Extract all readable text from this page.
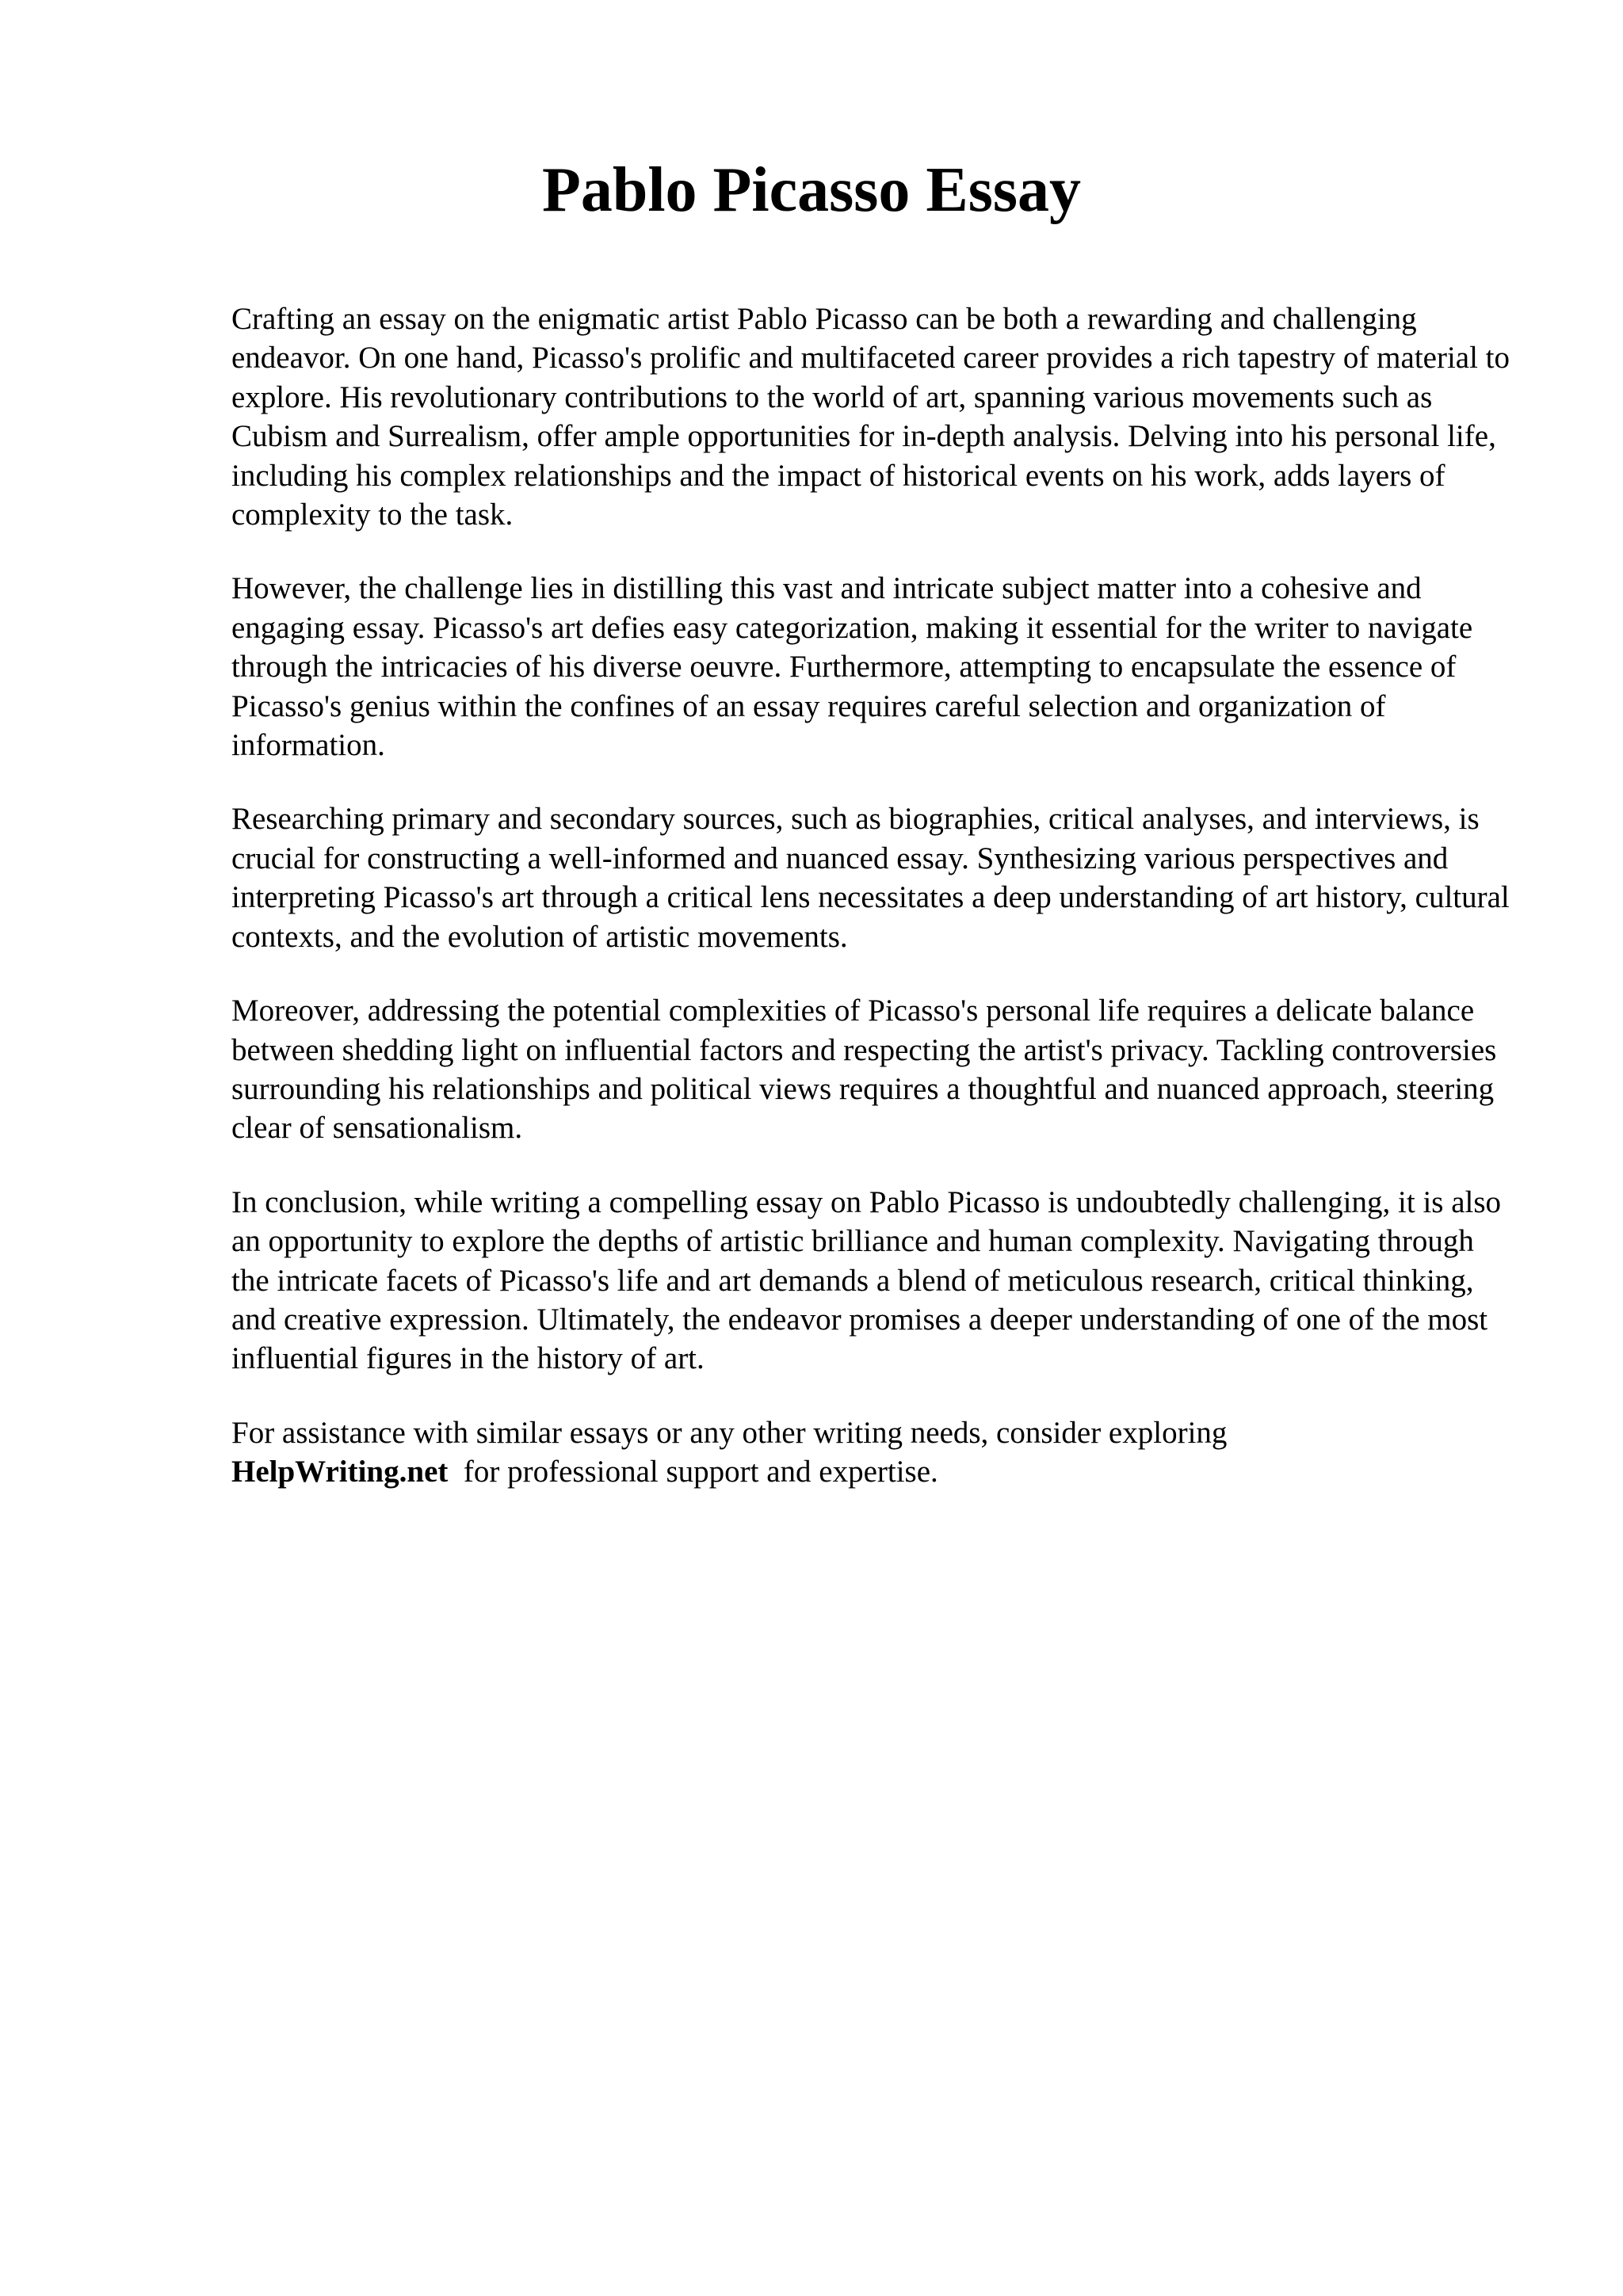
Pablo Picasso Essay

Crafting an essay on the enigmatic artist Pablo Picasso can be both a rewarding and challenging endeavor. On one hand, Picasso's prolific and multifaceted career provides a rich tapestry of material to explore. His revolutionary contributions to the world of art, spanning various movements such as Cubism and Surrealism, offer ample opportunities for in-depth analysis. Delving into his personal life, including his complex relationships and the impact of historical events on his work, adds layers of complexity to the task.

However, the challenge lies in distilling this vast and intricate subject matter into a cohesive and engaging essay. Picasso's art defies easy categorization, making it essential for the writer to navigate through the intricacies of his diverse oeuvre. Furthermore, attempting to encapsulate the essence of Picasso's genius within the confines of an essay requires careful selection and organization of information.

Researching primary and secondary sources, such as biographies, critical analyses, and interviews, is crucial for constructing a well-informed and nuanced essay. Synthesizing various perspectives and interpreting Picasso's art through a critical lens necessitates a deep understanding of art history, cultural contexts, and the evolution of artistic movements.

Moreover, addressing the potential complexities of Picasso's personal life requires a delicate balance between shedding light on influential factors and respecting the artist's privacy. Tackling controversies surrounding his relationships and political views requires a thoughtful and nuanced approach, steering clear of sensationalism.

In conclusion, while writing a compelling essay on Pablo Picasso is undoubtedly challenging, it is also an opportunity to explore the depths of artistic brilliance and human complexity. Navigating through the intricate facets of Picasso's life and art demands a blend of meticulous research, critical thinking, and creative expression. Ultimately, the endeavor promises a deeper understanding of one of the most influential figures in the history of art.

For assistance with similar essays or any other writing needs, consider exploring
HelpWriting.net for professional support and expertise.
